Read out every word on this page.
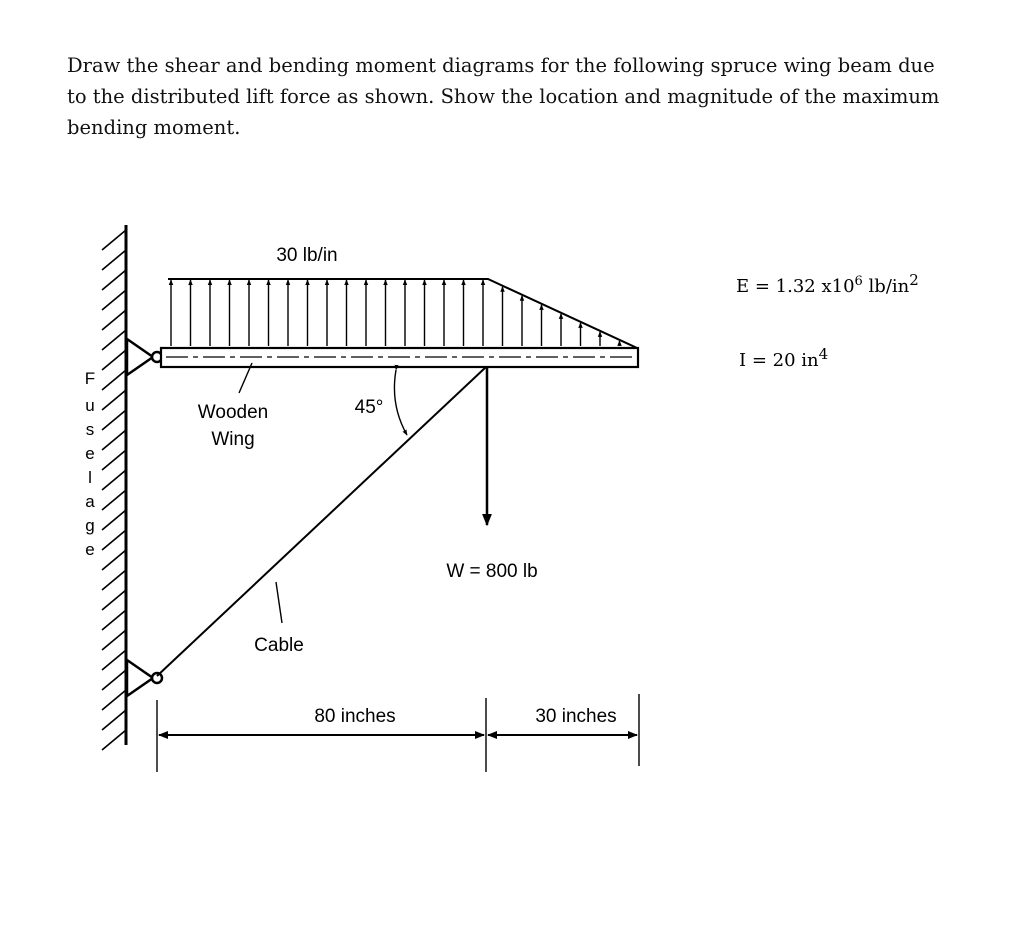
Draw the shear and bending moment diagrams for the following spruce wing beam due
to the distributed lift force as shown. Show the location and magnitude of the maximum
bending moment.
F
u
s
e
l
a
g
e
30 lb/in
Wooden
Wing
45°
W = 800 lb
Cable
80 inches	30 inches
E = 1.32 $x10^6$ $lb/in^2$
I = 20 $in^4$
